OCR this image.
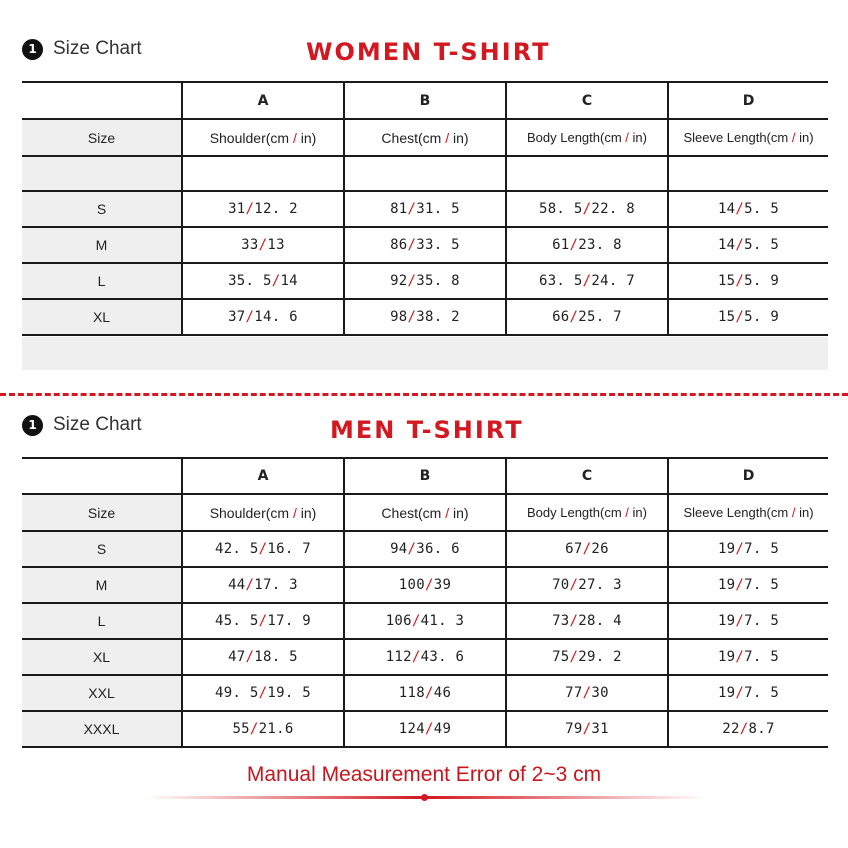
1 Size Chart	WOMEN T-SHIRT
	A	B	C	D
Size	Shoulder(cm / in)	Chest(cm / in)	Body Length(cm / in)	Sleeve Length(cm / in)

S	31/12. 2	81/31. 5	58. 5/22. 8	14/5. 5
M	33/13	86/33. 5	61/23. 8	14/5. 5
L	35. 5/14	92/35. 8	63. 5/24. 7	15/5. 9
XL	37/14. 6	98/38. 2	66/25. 7	15/5. 9
1 Size Chart	MEN T-SHIRT
	A	B	C	D
Size	Shoulder(cm / in)	Chest(cm / in)	Body Length(cm / in)	Sleeve Length(cm / in)
S	42. 5/16. 7	94/36. 6	67/26	19/7. 5
M	44/17. 3	100/39	70/27. 3	19/7. 5
L	45. 5/17. 9	106/41. 3	73/28. 4	19/7. 5
XL	47/18. 5	112/43. 6	75/29. 2	19/7. 5
XXL	49. 5/19. 5	118/46	77/30	19/7. 5
XXXL	55/21.6	124/49	79/31	22/8.7
Manual Measurement Error of 2~3 cm
